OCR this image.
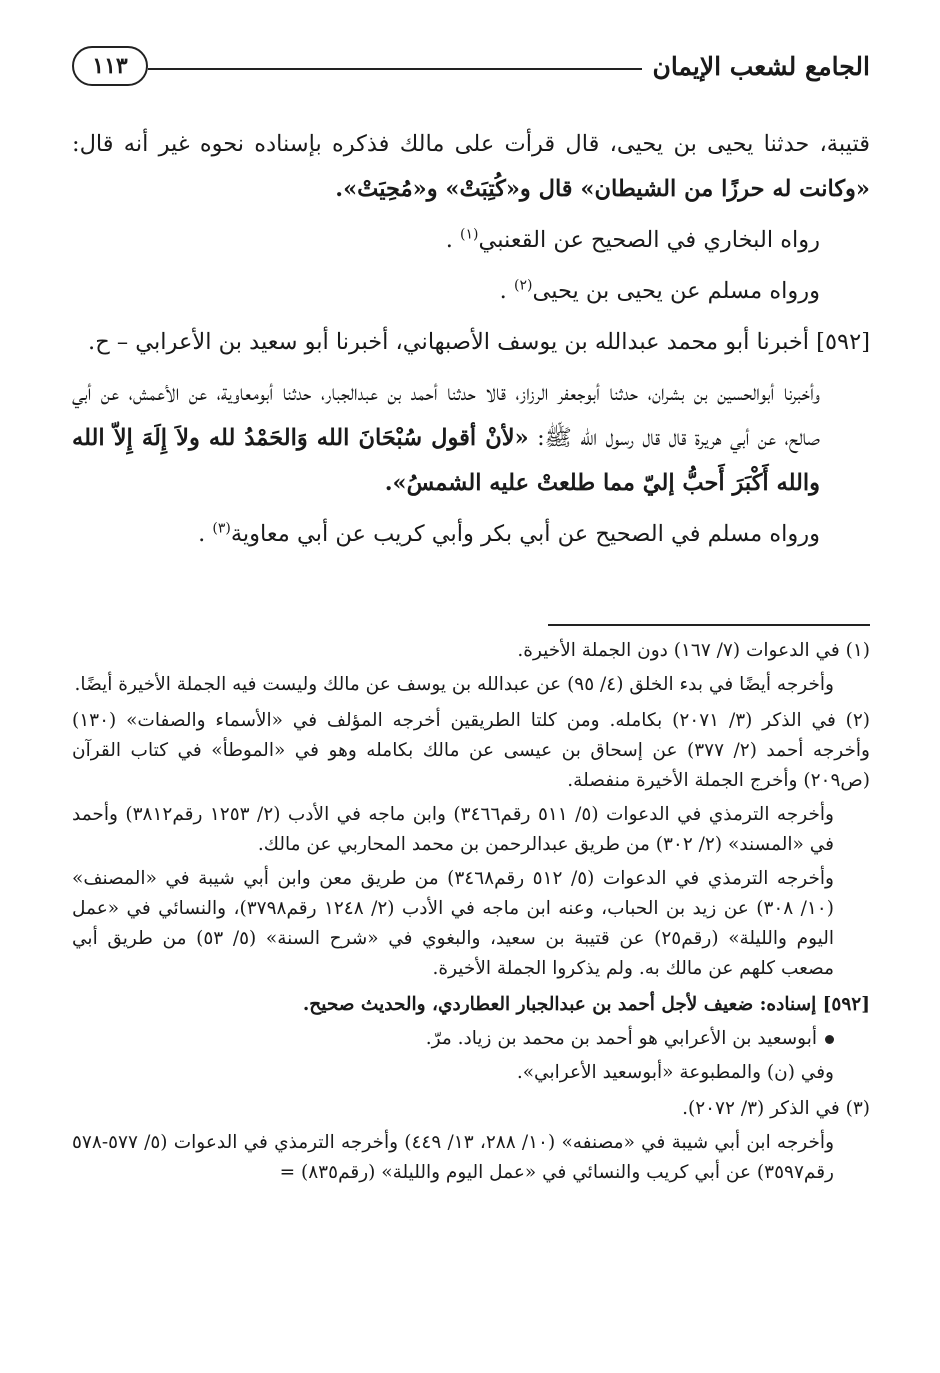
الجامع لشعب الإيمان
١١٣

قتيبة، حدثنا يحيى بن يحيى، قال قرأت على مالك فذكره بإسناده نحوه غير أنه قال: «وكانت له حرزًا من الشيطان» قال و«كُتِبَتْ» و«مُحِيَتْ».

رواه البخاري في الصحيح عن القعنبي$^{(١)}$ .

ورواه مسلم عن يحيى بن يحيى$^{(٢)}$ .

[٥٩٢] أخبرنا أبو محمد عبدالله بن يوسف الأصبهاني، أخبرنا أبو سعيد بن الأعرابي – ح.

وأخبرنا أبوالحسين بن بشران، حدثنا أبوجعفر الرزاز، قالا حدثنا أحمد بن عبدالجبار، حدثنا أبومعاوية، عن الأعمش، عن أبي صالح، عن أبي هريرة قال قال رسول الله ﷺ: «لأنْ أقول سُبْحَانَ الله وَالحَمْدُ لله ولاَ إِلَهَ إِلاّ الله والله أَكْبَرَ أَحبُّ إليّ مما طلعتْ عليه الشمسُ».

ورواه مسلم في الصحيح عن أبي بكر وأبي كريب عن أبي معاوية$^{(٣)}$ .

(١) في الدعوات (٧/ ١٦٧) دون الجملة الأخيرة.

وأخرجه أيضًا في بدء الخلق (٤/ ٩٥) عن عبدالله بن يوسف عن مالك وليست فيه الجملة الأخيرة أيضًا.

(٢) في الذكر (٣/ ٢٠٧١) بكامله. ومن كلتا الطريقين أخرجه المؤلف في «الأسماء والصفات» (١٣٠) وأخرجه أحمد (٢/ ٣٧٧) عن إسحاق بن عيسى عن مالك بكامله وهو في «الموطأ» في كتاب القرآن (ص٢٠٩) وأخرج الجملة الأخيرة منفصلة.

وأخرجه الترمذي في الدعوات (٥/ ٥١١ رقم٣٤٦٦) وابن ماجه في الأدب (٢/ ١٢٥٣ رقم٣٨١٢) وأحمد في «المسند» (٢/ ٣٠٢) من طريق عبدالرحمن بن محمد المحاربي عن مالك.

وأخرجه الترمذي في الدعوات (٥/ ٥١٢ رقم٣٤٦٨) من طريق معن وابن أبي شيبة في «المصنف» (١٠/ ٣٠٨) عن زيد بن الحباب، وعنه ابن ماجه في الأدب (٢/ ١٢٤٨ رقم٣٧٩٨)، والنسائي في «عمل اليوم والليلة» (رقم٢٥) عن قتيبة بن سعيد، والبغوي في «شرح السنة» (٥/ ٥٣) من طريق أبي مصعب كلهم عن مالك به. ولم يذكروا الجملة الأخيرة.

[٥٩٢] إسناده: ضعيف لأجل أحمد بن عبدالجبار العطاردي، والحديث صحيح.

أبوسعيد بن الأعرابي هو أحمد بن محمد بن زياد. مرّ.

وفي (ن) والمطبوعة «أبوسعيد الأعرابي».

(٣) في الذكر (٣/ ٢٠٧٢).

وأخرجه ابن أبي شيبة في «مصنفه» (١٠/ ٢٨٨، ١٣/ ٤٤٩) وأخرجه الترمذي في الدعوات (٥/ ٥٧٧-٥٧٨ رقم٣٥٩٧) عن أبي كريب والنسائي في «عمل اليوم والليلة» (رقم٨٣٥) =
